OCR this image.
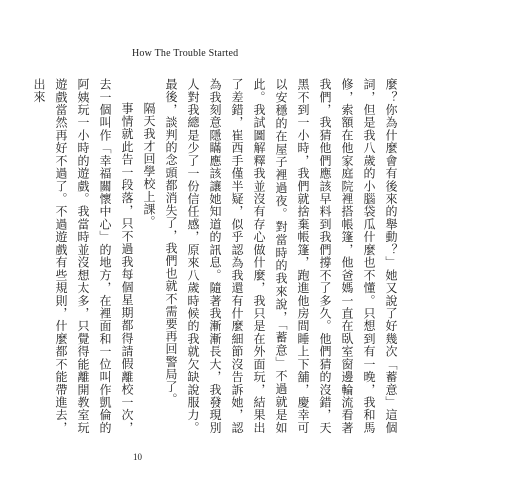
How The Trouble Started

麼？你為什麼會有後來的舉動？」她又說了好幾次「蓄意」這個詞，但是我八歲的小腦袋瓜什麼也不懂。只想到有一晚，我和馬修，索額在他家庭院裡搭帳篷，他爸媽一直在臥室窗邊輪流看著我們，我猜他們應該早料到我們撐不了多久。他們猜的沒錯，天黑不到一小時，我們就捨棄帳篷，跑進他房間睡上下舖，慶幸可以安穩的在屋子裡過夜。對當時的我來說，「蓄意」不過就是如此。我試圖解釋我並沒有存心做什麼，我只是在外面玩，結果出了差錯，崔西手僅半疑，似乎認為我還有什麼細節沒告訴她，認為我刻意隱瞞應該讓她知道的訊息。隨著我漸漸長大，我發現別人對我總是少了一份信任感，原來八歲時候的我就欠缺說服力。最後，談判的念頭都消失了，我們也就不需要再回警局了。

隔天我才回學校上課。

事情就此告一段落，只不過我每個星期都得請假離校一次，去一個叫作「幸福關懷中心」的地方，在裡面和一位叫作凱倫的阿姨玩一小時的遊戲。我當時並沒想太多，只覺得能離開教室玩遊戲當然再好不過了。不過遊戲有些規則，什麼都不能帶進去，出來

10
